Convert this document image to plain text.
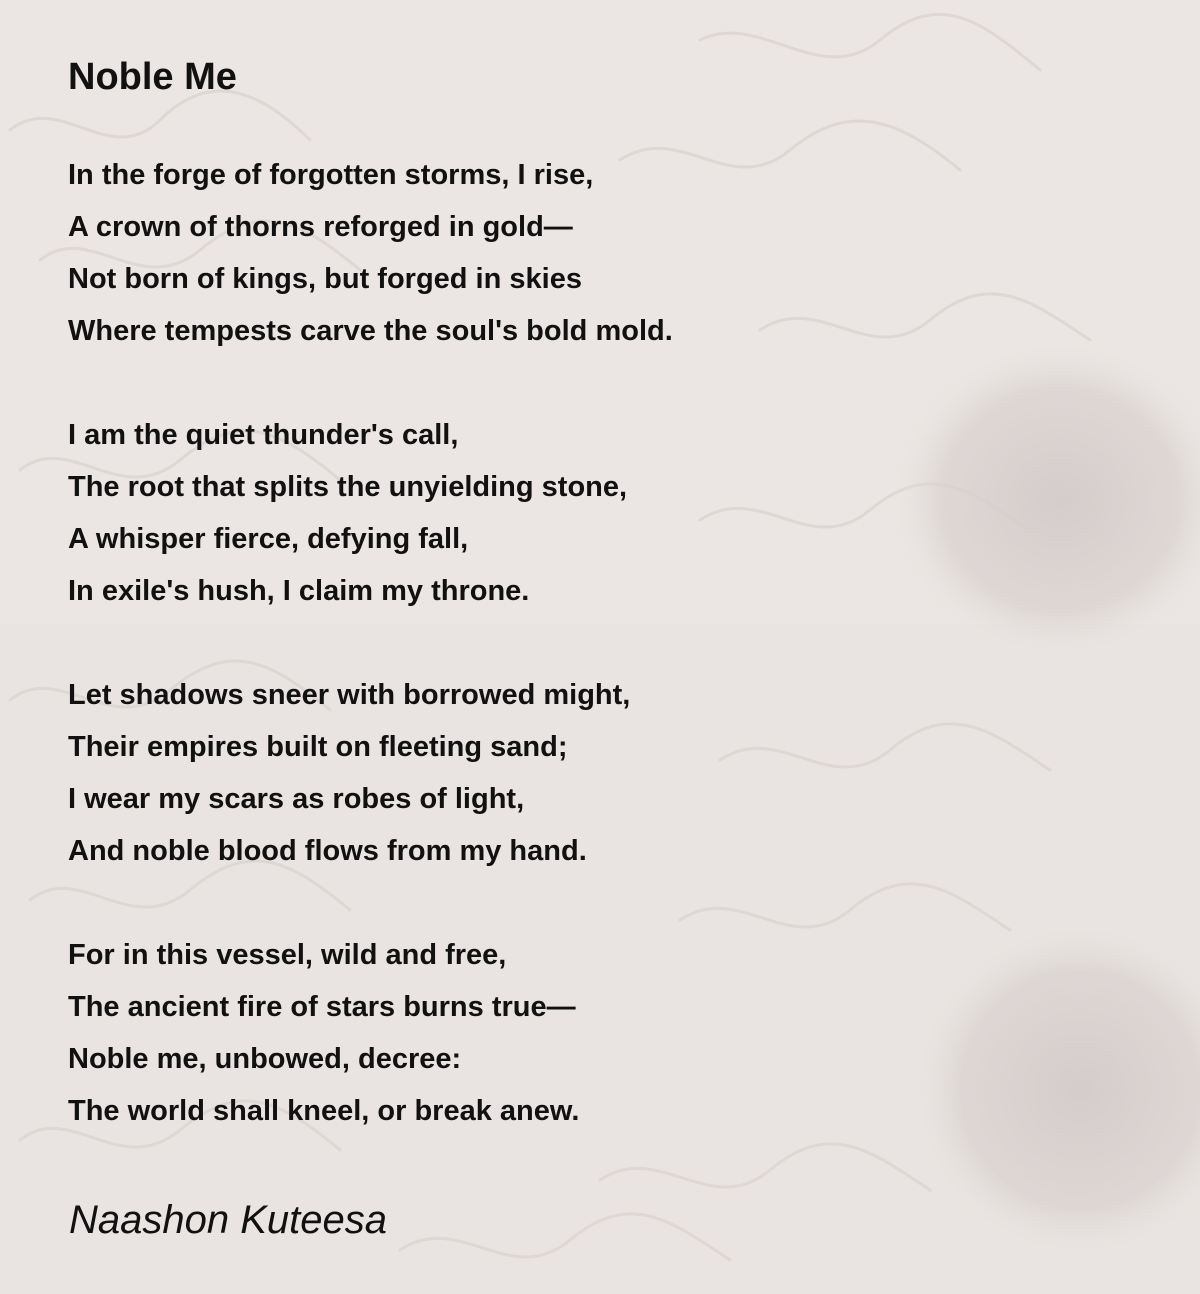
Noble Me
In the forge of forgotten storms, I rise,
A crown of thorns reforged in gold—
Not born of kings, but forged in skies
Where tempests carve the soul's bold mold.
I am the quiet thunder's call,
The root that splits the unyielding stone,
A whisper fierce, defying fall,
In exile's hush, I claim my throne.
Let shadows sneer with borrowed might,
Their empires built on fleeting sand;
I wear my scars as robes of light,
And noble blood flows from my hand.
For in this vessel, wild and free,
The ancient fire of stars burns true—
Noble me, unbowed, decree:
The world shall kneel, or break anew.

Naashon Kuteesa
